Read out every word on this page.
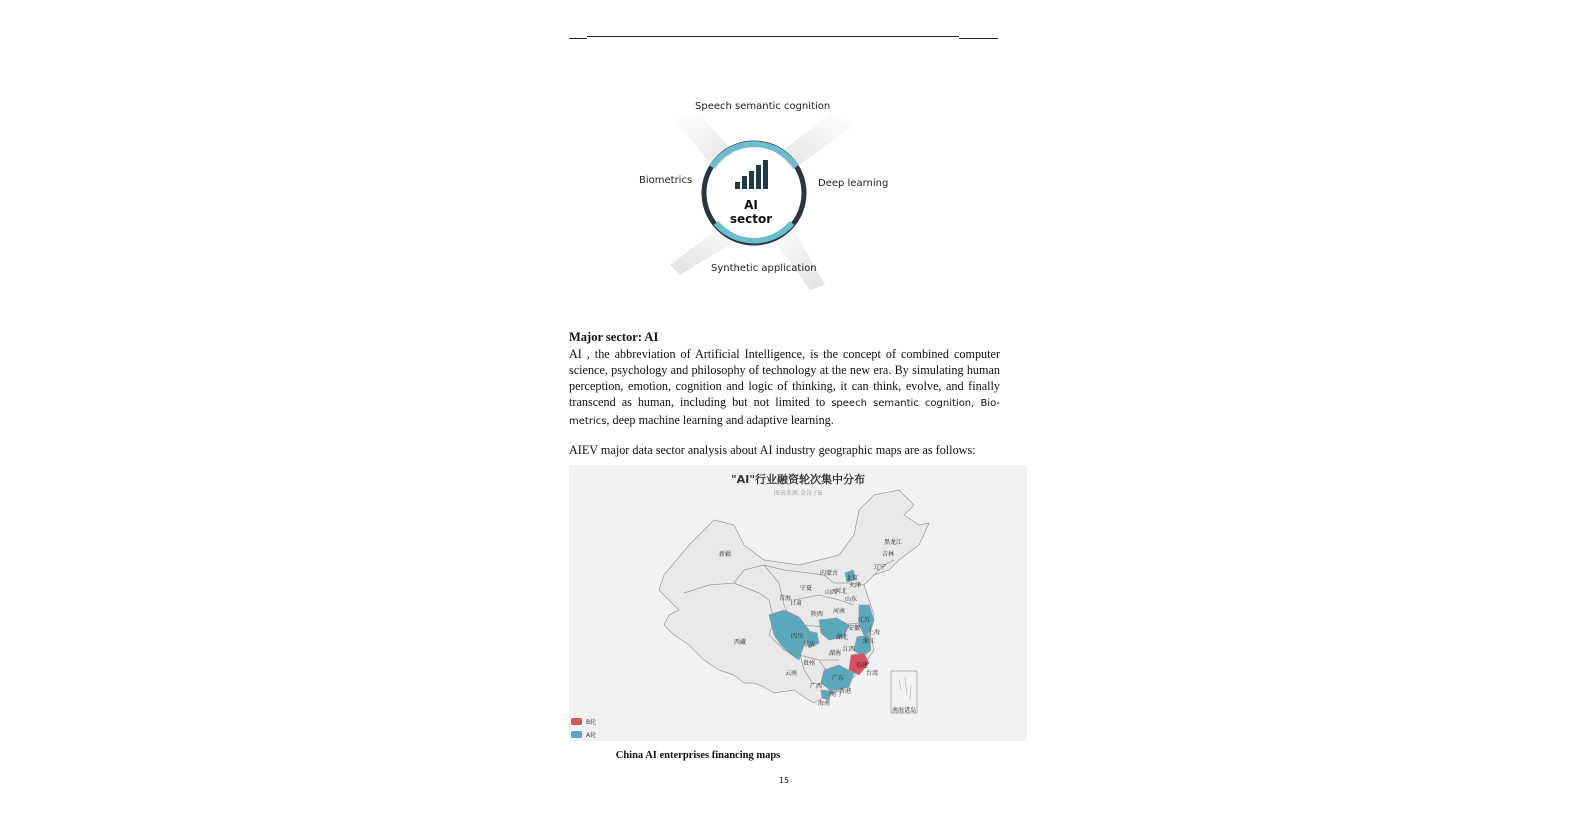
AI sector
Speech semantic cognition
Biometrics	Deep learning
Synthetic application
Major sector: AI
AI , the abbreviation of Artificial Intelligence, is the concept of combined computer science, psychology and philosophy of technology at the new era. By simulating human perception, emotion, cognition and logic of thinking, it can think, evolve, and finally transcend as human, including but not limited to speech semantic cognition, Bio-metrics, deep machine learning and adaptive learning.
AIEV major data sector analysis about AI industry geographic maps are as follows:
"AI"行业融资轮次集中分布
图表来源:金谷子B
新疆
西藏
青海
甘肃
宁夏
内蒙古
黑龙江
吉林
辽宁
北京
天津
河北
山西
山东
陕西 河南
江苏
安徽
上海
四川
重庆
湖北
浙江
江西
湖南
贵州	福建
云南
广西
广东
台湾
香港
澳门
海南
南海诸岛
B轮
A轮
China AI enterprises financing maps
15
